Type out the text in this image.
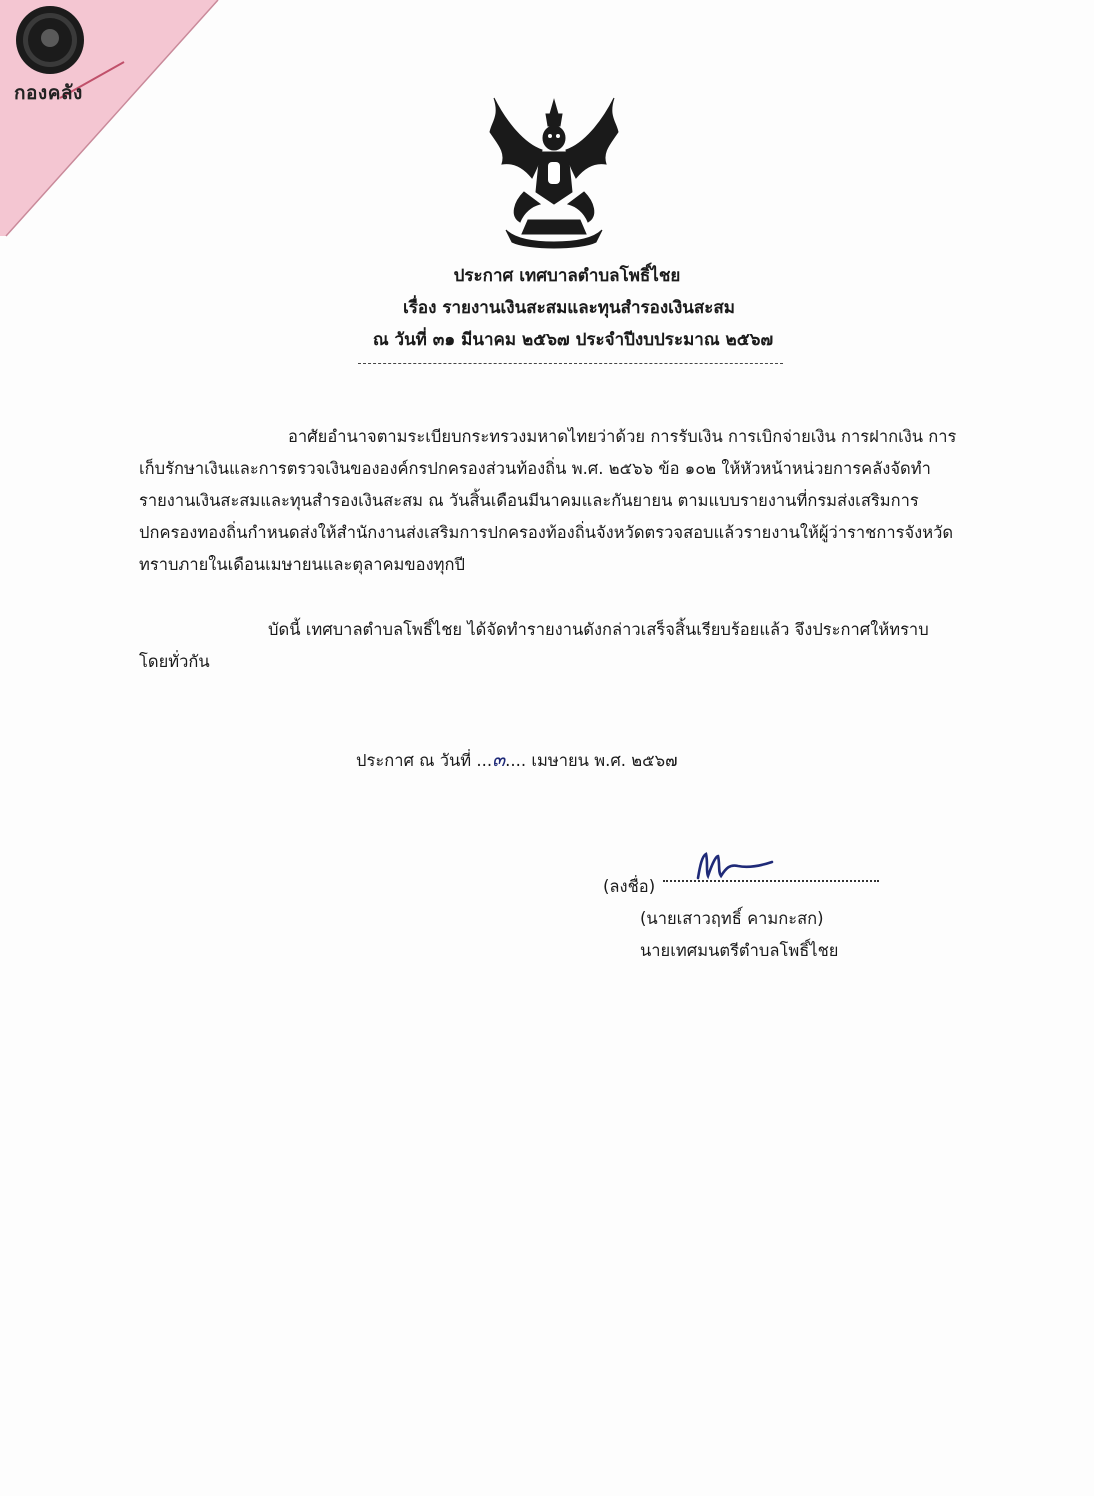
กองคลัง
ประกาศ เทศบาลตำบลโพธิ์ไชย
เรื่อง รายงานเงินสะสมและทุนสำรองเงินสะสม
ณ วันที่ ๓๑ มีนาคม ๒๕๖๗ ประจำปีงบประมาณ ๒๕๖๗
อาศัยอำนาจตามระเบียบกระทรวงมหาดไทยว่าด้วย การรับเงิน การเบิกจ่ายเงิน การฝากเงิน การ
เก็บรักษาเงินและการตรวจเงินขององค์กรปกครองส่วนท้องถิ่น พ.ศ. ๒๕๖๖ ข้อ ๑๐๒ ให้หัวหน้าหน่วยการคลังจัดทำ
รายงานเงินสะสมและทุนสำรองเงินสะสม ณ วันสิ้นเดือนมีนาคมและกันยายน ตามแบบรายงานที่กรมส่งเสริมการ
ปกครองทองถิ่นกำหนดส่งให้สำนักงานส่งเสริมการปกครองท้องถิ่นจังหวัดตรวจสอบแล้วรายงานให้ผู้ว่าราชการจังหวัด
ทราบภายในเดือนเมษายนและตุลาคมของทุกปี
บัดนี้ เทศบาลตำบลโพธิ์ไชย ได้จัดทำรายงานดังกล่าวเสร็จสิ้นเรียบร้อยแล้ว จึงประกาศให้ทราบ
โดยทั่วกัน
ประกาศ ณ วันที่ ...๓.... เมษายน พ.ศ. ๒๕๖๗
(ลงชื่อ)
(นายเสาวฤทธิ์ คามกะสก)
นายเทศมนตรีตำบลโพธิ์ไชย
